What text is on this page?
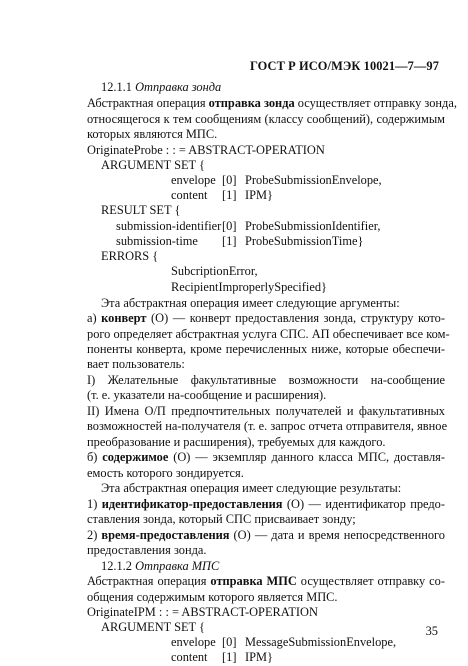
ГОСТ Р ИСО/МЭК 10021—7—97
12.1.1 Отправка зонда
Абстрактная операция отправка зонда осуществляет отправку зонда,
относящегося к тем сообщениям (классу сообщений), содержимым
которых являются МПС.
OriginateProbe : : = ABSTRACT-OPERATION
ARGUMENT SET {
envelope [0] ProbeSubmissionEnvelope,
content [1] IPM}
RESULT SET {
submission-identifier [0] ProbeSubmissionIdentifier,
submission-time [1] ProbeSubmissionTime}
ERRORS {
SubcriptionError,
RecipientImproperlySpecified}
Эта абстрактная операция имеет следующие аргументы:
а) конверт (О) — конверт предоставления зонда, структуру кото-
рого определяет абстрактная услуга СПС. АП обеспечивает все ком-
поненты конверта, кроме перечисленных ниже, которые обеспечи-
вает пользователь:
I) Желательные факультативные возможности на-сообщение
(т. е. указатели на-сообщение и расширения).
II) Имена О/П предпочтительных получателей и факультативных
возможностей на-получателя (т. е. запрос отчета отправителя, явное
преобразование и расширения), требуемых для каждого.
б) содержимое (О) — экземпляр данного класса МПС, доставля-
емость которого зондируется.
Эта абстрактная операция имеет следующие результаты:
1) идентификатор-предоставления (О) — идентификатор предо-
ставления зонда, который СПС присваивает зонду;
2) время-предоставления (О) — дата и время непосредственного
предоставления зонда.
12.1.2 Отправка МПС
Абстрактная операция отправка МПС осуществляет отправку со-
общения содержимым которого является МПС.
OriginateIPM : : = ABSTRACT-OPERATION
ARGUMENT SET {
envelope [0] MessageSubmissionEnvelope,
content [1] IPM}
35
